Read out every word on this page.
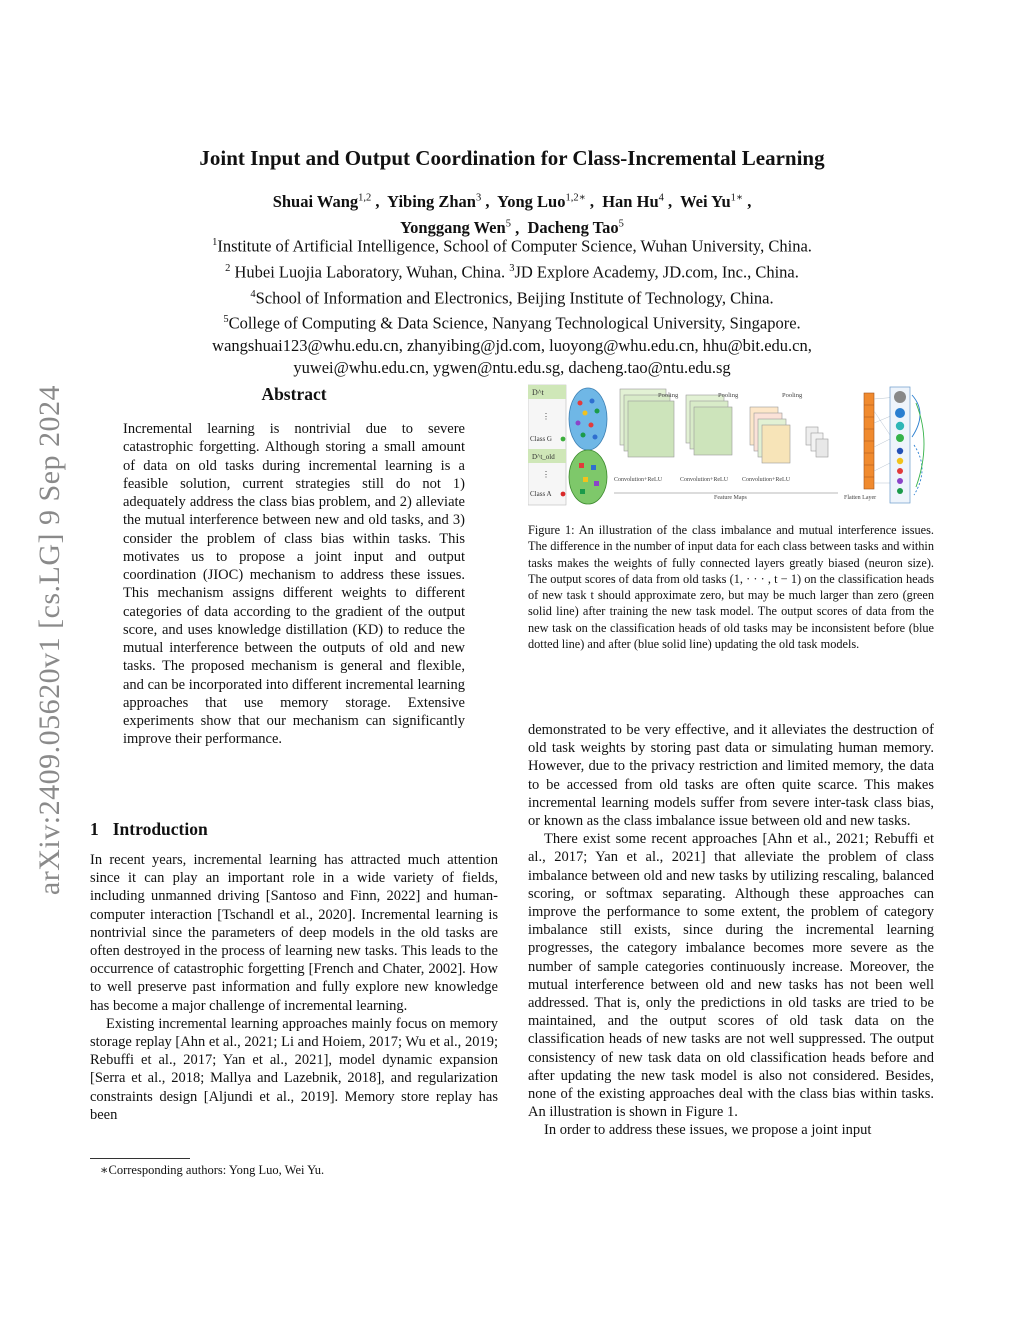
arXiv:2409.05620v1 [cs.LG] 9 Sep 2024
Joint Input and Output Coordination for Class-Incremental Learning
Shuai Wang$^{1,2}$ ,  Yibing Zhan$^3$ ,  Yong Luo$^{1,2∗}$ ,  Han Hu$^4$ ,  Wei $Yu^{1∗}$ ,
Yonggang Wen$^5$ ,  Dacheng Tao$^5$
$^1$Institute of Artificial Intelligence, School of Computer Science, Wuhan University, China.
$^2$ Hubei Luojia Laboratory, Wuhan, China. $^3$JD Explore Academy, JD.com, Inc., China.
$^4$School of Information and Electronics, Beijing Institute of Technology, China.
$^5$College of Computing & Data Science, Nanyang Technological University, Singapore.
wangshuai123@whu.edu.cn, zhanyibing@jd.com, luoyong@whu.edu.cn, hhu@bit.edu.cn,
yuwei@whu.edu.cn, ygwen@ntu.edu.sg, dacheng.tao@ntu.edu.sg
Abstract
Incremental learning is nontrivial due to severe catastrophic forgetting. Although storing a small amount of data on old tasks during incremental learning is a feasible solution, current strategies still do not 1) adequately address the class bias problem, and 2) alleviate the mutual interference between new and old tasks, and 3) consider the problem of class bias within tasks. This motivates us to propose a joint input and output coordination (JIOC) mechanism to address these issues. This mechanism assigns different weights to different categories of data according to the gradient of the output score, and uses knowledge distillation (KD) to reduce the mutual interference between the outputs of old and new tasks. The proposed mechanism is general and flexible, and can be incorporated into different incremental learning approaches that use memory storage. Extensive experiments show that our mechanism can significantly improve their performance.
1 Introduction

In recent years, incremental learning has attracted much attention since it can play an important role in a wide variety of fields, including unmanned driving [Santoso and Finn, 2022] and human-computer interaction [Tschandl et al., 2020]. Incremental learning is nontrivial since the parameters of deep models in the old tasks are often destroyed in the process of learning new tasks. This leads to the occurrence of catastrophic forgetting [French and Chater, 2002]. How to well preserve past information and fully explore new knowledge has become a major challenge of incremental learning.

Existing incremental learning approaches mainly focus on memory storage replay [Ahn et al., 2021; Li and Hoiem, 2017; Wu et al., 2019; Rebuffi et al., 2017; Yan et al., 2021], model dynamic expansion [Serra et al., 2018; Mallya and Lazebnik, 2018], and regularization constraints design [Aljundi et al., 2019]. Memory store replay has been

∗Corresponding authors: Yong Luo, Wei Yu.
D^t
⋮
Class G
D^t_old
⋮
Class A
Pooling	Pooling	Pooling
Convolution+ReLU	Convolution+ReLU Convolution+ReLU
Feature Maps	Flatten Layer
Figure 1: An illustration of the class imbalance and mutual interference issues. The difference in the number of input data for each class between tasks and within tasks makes the weights of fully connected layers greatly biased (neuron size). The output scores of data from old tasks (1, · · · , t − 1) on the classification heads of new task t should approximate zero, but may be much larger than zero (green solid line) after training the new task model. The output scores of data from the new task on the classification heads of old tasks may be inconsistent before (blue dotted line) and after (blue solid line) updating the old task models.

demonstrated to be very effective, and it alleviates the destruction of old task weights by storing past data or simulating human memory. However, due to the privacy restriction and limited memory, the data to be accessed from old tasks are often quite scarce. This makes incremental learning models suffer from severe inter-task class bias, or known as the class imbalance issue between old and new tasks.

There exist some recent approaches [Ahn et al., 2021; Rebuffi et al., 2017; Yan et al., 2021] that alleviate the problem of class imbalance between old and new tasks by utilizing rescaling, balanced scoring, or softmax separating. Although these approaches can improve the performance to some extent, the problem of category imbalance still exists, since during the incremental learning progresses, the category imbalance becomes more severe as the number of sample categories continuously increase. Moreover, the mutual interference between old and new tasks has not been well addressed. That is, only the predictions in old tasks are tried to be maintained, and the output scores of old task data on the classification heads of new tasks are not well suppressed. The output consistency of new task data on old classification heads before and after updating the new task model is also not considered. Besides, none of the existing approaches deal with the class bias within tasks. An illustration is shown in Figure 1.

In order to address these issues, we propose a joint input
